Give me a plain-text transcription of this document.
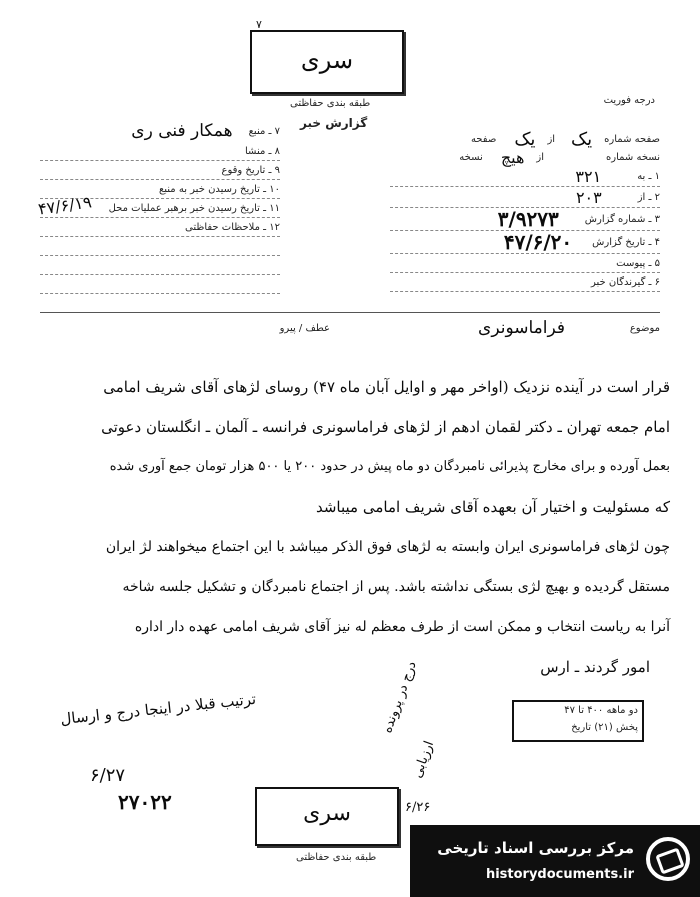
سری
۷
طبقه بندی حفاظتی	درجه فوریت
گزارش خبر
صفحه شماره
یک
از
یک
صفحه
نسخه شماره
از
هیچ
نسخه
۱ ـ به
۳۲۱
۲ ـ از
۲۰۳
۳ ـ شماره گزارش
۳/۹۲۷۳
۴ ـ تاریخ گزارش
۴۷/۶/۲۰
۵ ـ پیوست
۶ ـ گیرندگان خبر
۷ ـ منبع
همکار فنی ری
۸ ـ منشا
۹ ـ تاریخ وقوع
۱۰ ـ تاریخ رسیدن خبر به منبع
۱۱ ـ تاریخ رسیدن خبر برهبر عملیات محل
۱۲ ـ ملاحظات حفاظتی
۴۷/۶/۱۹
موضوع
فراماسونری
عطف / پیرو
قرار است در آینده نزدیک (اواخر مهر و اوایل آبان ماه ۴۷) روسای لژهای آقای شریف امامی
امام جمعه تهران ـ دکتر لقمان ادهم از لژهای فراماسونری فرانسه ـ آلمان ـ انگلستان دعوتی
بعمل آورده و برای مخارج پذیرائی نامبردگان دو ماه پیش در حدود ۲۰۰ یا ۵۰۰ هزار تومان جمع آوری شده
که مسئولیت و اختیار آن بعهده آقای شریف امامی میباشد
چون لژهای فراماسونری ایران وابسته به لژهای فوق الذکر میباشد با این اجتماع میخواهند لژ ایران
مستقل گردیده و بهیچ لژی بستگی نداشته باشد. پس از اجتماع نامبردگان و تشکیل جلسه شاخه
آنرا به ریاست انتخاب و ممکن است از طرف معظم له نیز آقای شریف امامی عهده دار اداره
امور گردند ـ ارس
ترتیب قبلا در اینجا درج و ارسال
۶/۲۷
۲۷۰۲۲
درج در پرونده
ارزیابی
دو ماهه ۴۰۰ تا ۴۷
پخش (۲۱) تاریخ
سری	۶/۲۶
طبقه بندی حفاظتی
مرکز بررسی اسناد تاریخی
historydocuments.ir
